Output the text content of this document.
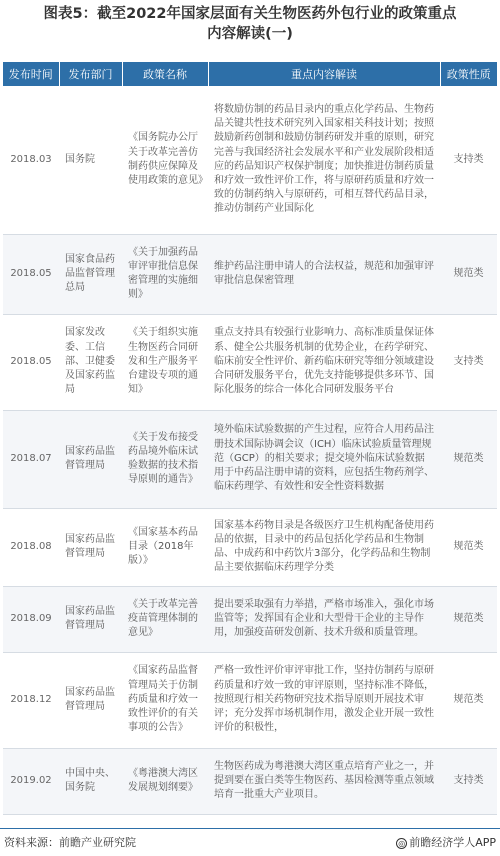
图表5：截至2022年国家层面有关生物医药外包行业的政策重点
内容解读(一)
发布时间	发布部门	政策名称	重点内容解读	政策性质
2018.03	国务院	《国务院办公厅关于改革完善仿制药供应保障及使用政策的意见》	将数励仿制的药品目录内的重点化学药品、生物药品关键共性技术研究列入国家相关科技计划；按照鼓励新药创制和鼓励仿制药研发并重的原则，研究完善与我国经济社会发展水平和产业发展阶段相适应的药品知识产权保护制度；加快推进仿制药质量和疗效一致性评价工作，将与原研药质量和疗效一致的仿制药纳入与原研药，可相互替代药品目录，推动仿制药产业国际化	支持类
2018.05	国家食品药品监督管理总局	《关于加强药品审评审批信息保密管理的实施细则》	维护药品注册申请人的合法权益，规范和加强审评审批信息保密管理	规范类
2018.05	国家发改委、工信部、卫健委及国家药监局	《关于组织实施生物医药合同研发和生产服务平台建设专项的通知》	重点支持具有较强行业影响力、高标准质量保证体系、健全公共服务机制的优势企业，在药学研究、临床前安全性评价、新药临床研究等细分领域建设合同研发服务平台，优先支持能够提供多环节、国际化服务的综合一体化合同研发服务平台	支持类
2018.07	国家药品监督管理局	《关于发布接受药品境外临床试验数据的技术指导原则的通告》	境外临床试验数据的产生过程，应符合人用药品注册技术国际协调会议（ICH）临床试验质量管理规范（GCP）的相关要求；提交境外临床试验数据用于中药品注册申请的资料，应包括生物药剂学、临床药理学、有效性和安全性资料数据	规范类
2018.08	国家药品监督管理局	《国家基本药品目录（2018年版）》	国家基本药物目录是各级医疗卫生机构配备使用药品的依据，目录中的药品包括化学药品和生物制品、中成药和中药饮片3部分，化学药品和生物制品主要依据临床药理学分类	规范类
2018.09	国家药品监督管理局	《关于改革完善疫苗管理体制的意见》	提出要采取强有力举措，严格市场准入，强化市场监管等；发挥国有企业和大型骨干企业的主导作用，加强疫苗研发创新、技术升级和质量管理。	规范类
2018.12	国家药品监督管理局	《国家药品监督管理局关于仿制药质量和疗效一致性评价的有关事项的公告》	严格一致性评价审评审批工作，坚持仿制药与原研药质量和疗效一致的审评原则，坚持标准不降低，按照现行相关药物研究技术指导原则开展技术审评；充分发挥市场机制作用，激发企业开展一致性评价的积极性，	规范类
2019.02	中国中央、国务院	《粤港澳大湾区发展规划纲要》	生物医药成为粤港澳大湾区重点培育产业之一，并提到要在蛋白类等生物医药、基因检测等重点领域培育一批重大产业项目。	支持类
资料来源：前瞻产业研究院	◎ 前瞻经济学人APP
